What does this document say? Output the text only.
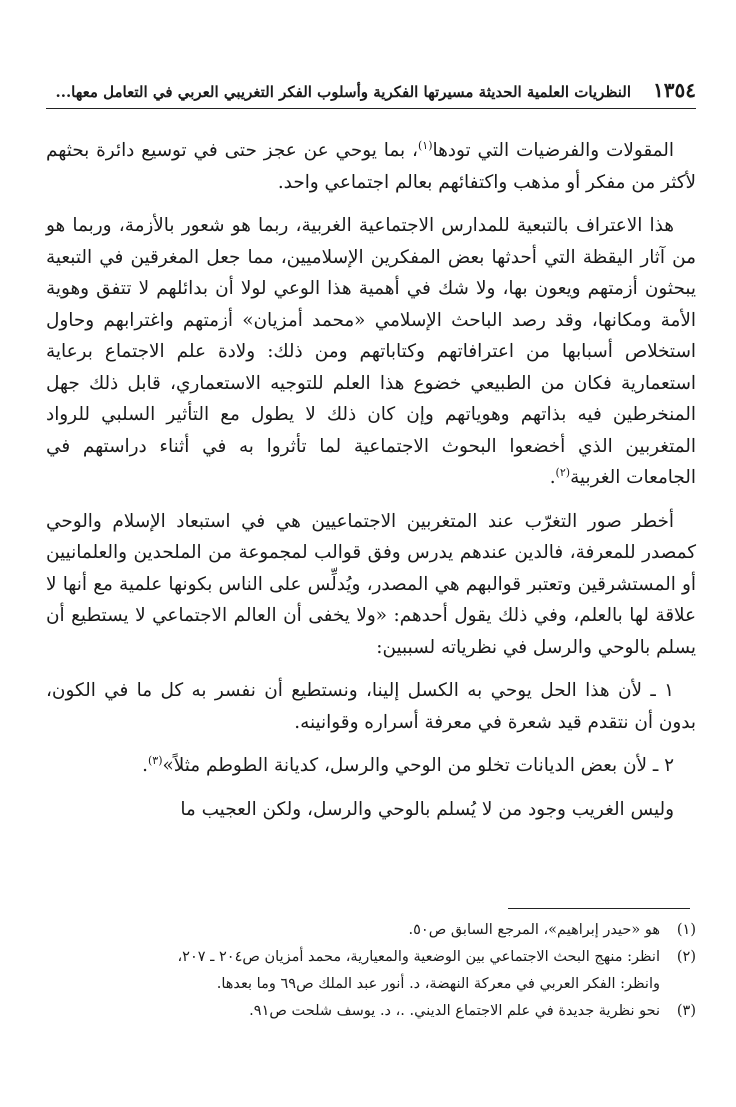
١٣٥٤
النظريات العلمية الحديثة مسيرتها الفكرية وأسلوب الفكر التغريبي العربي في التعامل معها...

المقولات والفرضيات التي تودها$^{(١)}$، بما يوحي عن عجز حتى في توسيع دائرة بحثهم لأكثر من مفكر أو مذهب واكتفائهم بعالم اجتماعي واحد.

هذا الاعتراف بالتبعية للمدارس الاجتماعية الغربية، ربما هو شعور بالأزمة، وربما هو من آثار اليقظة التي أحدثها بعض المفكرين الإسلاميين، مما جعل المغرقين في التبعية يبحثون أزمتهم ويعون بها، ولا شك في أهمية هذا الوعي لولا أن بدائلهم لا تتفق وهوية الأمة ومكانها، وقد رصد الباحث الإسلامي «محمد أمزيان» أزمتهم واغترابهم وحاول استخلاص أسبابها من اعترافاتهم وكتاباتهم ومن ذلك: ولادة علم الاجتماع برعاية استعمارية فكان من الطبيعي خضوع هذا العلم للتوجيه الاستعماري، قابل ذلك جهل المنخرطين فيه بذاتهم وهوياتهم وإن كان ذلك لا يطول مع التأثير السلبي للرواد المتغربين الذي أخضعوا البحوث الاجتماعية لما تأثروا به في أثناء دراستهم في الجامعات الغربية$^{(٢)}$.

أخطر صور التغرّب عند المتغربين الاجتماعيين هي في استبعاد الإسلام والوحي كمصدر للمعرفة، فالدين عندهم يدرس وفق قوالب لمجموعة من الملحدين والعلمانيين أو المستشرقين وتعتبر قوالبهم هي المصدر، ويُدلِّس على الناس بكونها علمية مع أنها لا علاقة لها بالعلم، وفي ذلك يقول أحدهم: «ولا يخفى أن العالم الاجتماعي لا يستطيع أن يسلم بالوحي والرسل في نظرياته لسببين:

١ ـ لأن هذا الحل يوحي به الكسل إلينا، ونستطيع أن نفسر به كل ما في الكون، بدون أن نتقدم قيد شعرة في معرفة أسراره وقوانينه.

٢ ـ لأن بعض الديانات تخلو من الوحي والرسل، كديانة الطوطم مثلاً»$^{(٣)}$.

وليس الغريب وجود من لا يُسلم بالوحي والرسل، ولكن العجيب ما

(١)
هو «حيدر إبراهيم»، المرجع السابق ص٥٠.
(٢)
انظر: منهج البحث الاجتماعي بين الوضعية والمعيارية، محمد أمزيان ص٢٠٤ ـ ٢٠٧،
وانظر: الفكر العربي في معركة النهضة، د. أنور عبد الملك ص٦٩ وما بعدها.
(٣)
نحو نظرية جديدة في علم الاجتماع الديني. .، د. يوسف شلحت ص٩١.
